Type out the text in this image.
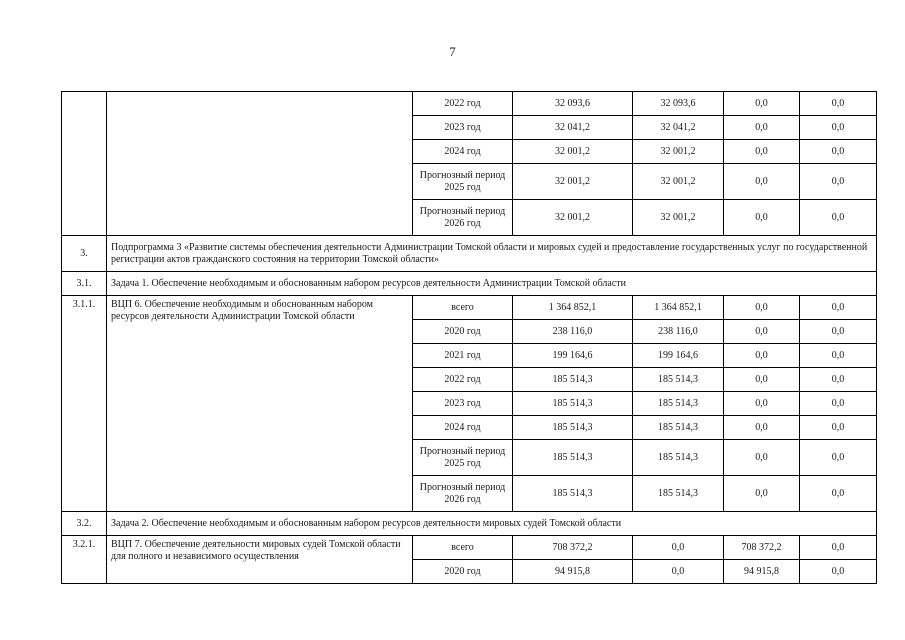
7
		2022 год	32 093,6	32 093,6	0,0	0,0
		2023 год	32 041,2	32 041,2	0,0	0,0
		2024 год	32 001,2	32 001,2	0,0	0,0
		Прогнозный период 2025 год	32 001,2	32 001,2	0,0	0,0
		Прогнозный период 2026 год	32 001,2	32 001,2	0,0	0,0
3.	Подпрограмма 3 «Развитие системы обеспечения деятельности Администрации Томской области и мировых судей и предоставление государственных услуг по государственной регистрации актов гражданского состояния на территории Томской области»					
3.1.	Задача 1. Обеспечение необходимым и обоснованным набором ресурсов деятельности Администрации Томской области					
3.1.1.	ВЦП 6. Обеспечение необходимым и обоснованным набором ресурсов деятельности Администрации Томской области	всего	1 364 852,1	1 364 852,1	0,0	0,0
		2020 год	238 116,0	238 116,0	0,0	0,0
		2021 год	199 164,6	199 164,6	0,0	0,0
		2022 год	185 514,3	185 514,3	0,0	0,0
		2023 год	185 514,3	185 514,3	0,0	0,0
		2024 год	185 514,3	185 514,3	0,0	0,0
		Прогнозный период 2025 год	185 514,3	185 514,3	0,0	0,0
		Прогнозный период 2026 год	185 514,3	185 514,3	0,0	0,0
3.2.	Задача 2. Обеспечение необходимым и обоснованным набором ресурсов деятельности мировых судей Томской области					
3.2.1.	ВЦП 7. Обеспечение деятельности мировых судей Томской области для полного и независимого осуществления	всего	708 372,2	0,0	708 372,2	0,0
		2020 год	94 915,8	0,0	94 915,8	0,0
